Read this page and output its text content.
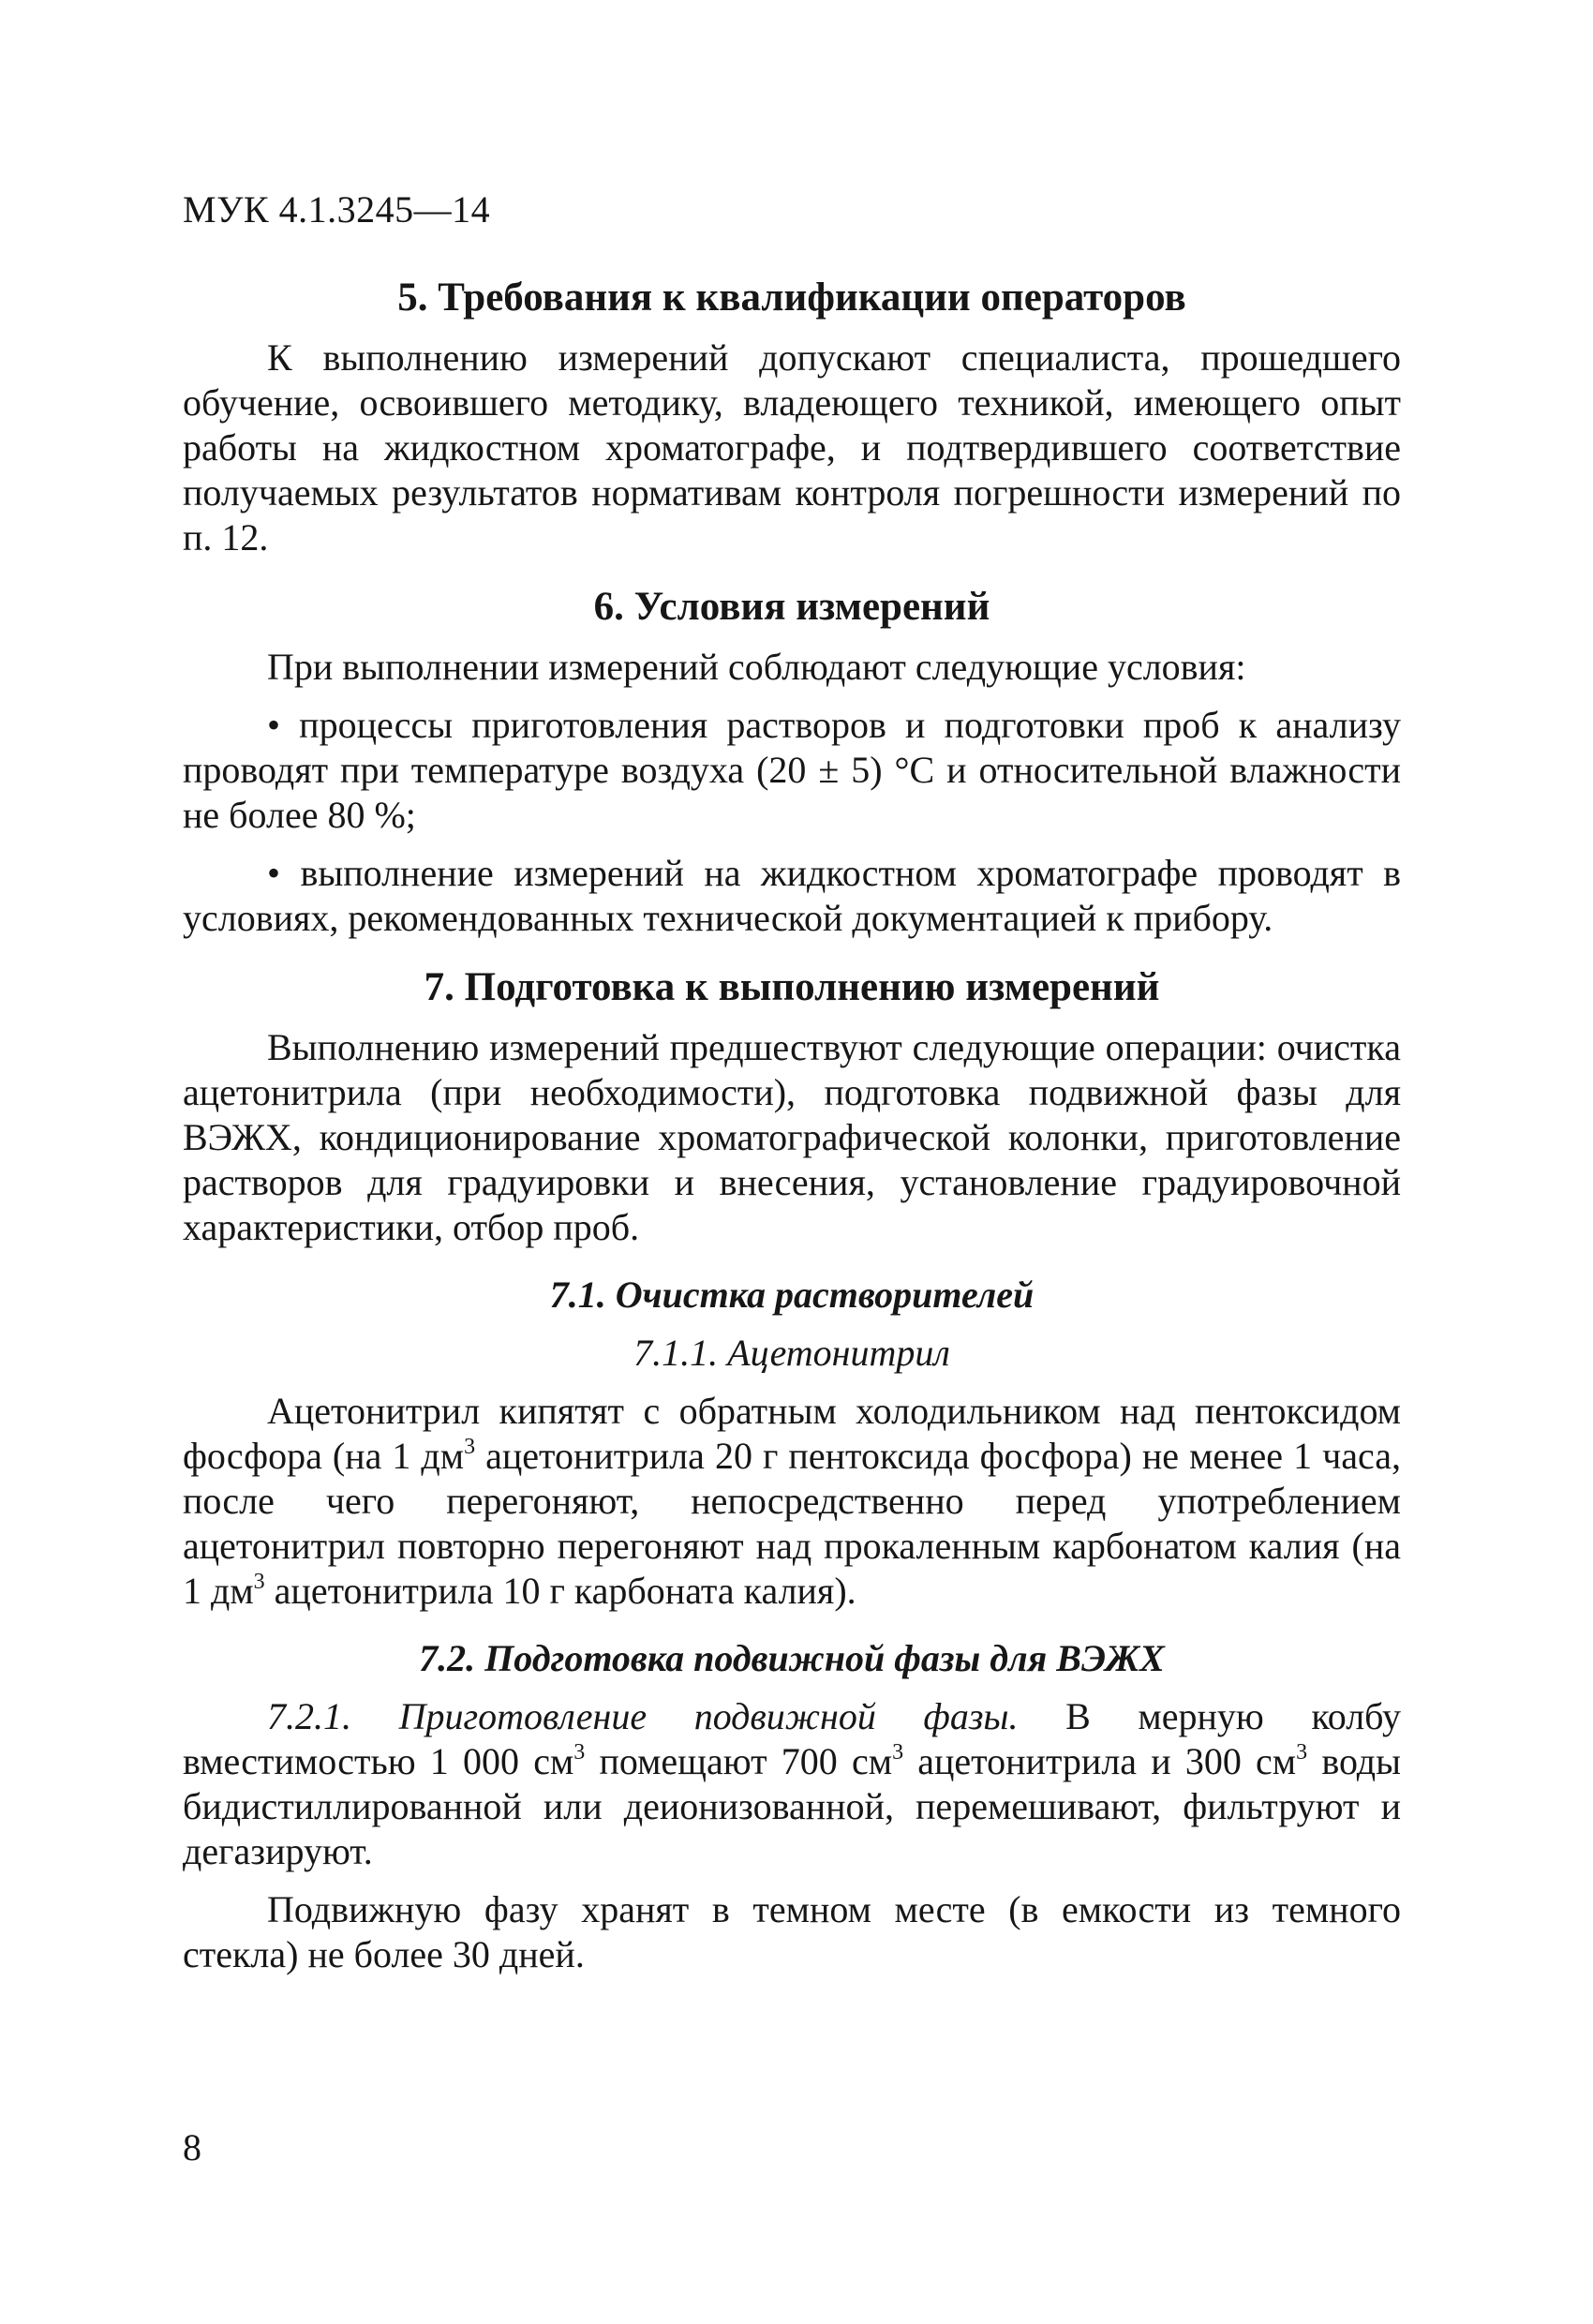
МУК 4.1.3245—14
5. Требования к квалификации операторов

К выполнению измерений допускают специалиста, прошедшего обучение, освоившего методику, владеющего техникой, имеющего опыт работы на жидкостном хроматографе, и подтвердившего соответствие получаемых результатов нормативам контроля погрешности измерений по п. 12.

6. Условия измерений

При выполнении измерений соблюдают следующие условия:

• процессы приготовления растворов и подготовки проб к анализу проводят при температуре воздуха (20 ± 5) °С и относительной влажности не более 80 %;

• выполнение измерений на жидкостном хроматографе проводят в условиях, рекомендованных технической документацией к прибору.

7. Подготовка к выполнению измерений

Выполнению измерений предшествуют следующие операции: очистка ацетонитрила (при необходимости), подготовка подвижной фазы для ВЭЖХ, кондиционирование хроматографической колонки, приготовление растворов для градуировки и внесения, установление градуировочной характеристики, отбор проб.

7.1. Очистка растворителей
7.1.1. Ацетонитрил

Ацетонитрил кипятят с обратным холодильником над пентоксидом фосфора (на 1 $дм^3$ ацетонитрила 20 г пентоксида фосфора) не менее 1 часа, после чего перегоняют, непосредственно перед употреблением ацетонитрил повторно перегоняют над прокаленным карбонатом калия (на 1 $дм^3$ ацетонитрила 10 г карбоната калия).

7.2. Подготовка подвижной фазы для ВЭЖХ

7.2.1. Приготовление подвижной фазы. В мерную колбу вместимостью 1 000 $см^3$ помещают 700 $см^3$ ацетонитрила и 300 $см^3$ воды бидистиллированной или деионизованной, перемешивают, фильтруют и дегазируют.

Подвижную фазу хранят в темном месте (в емкости из темного стекла) не более 30 дней.

8
